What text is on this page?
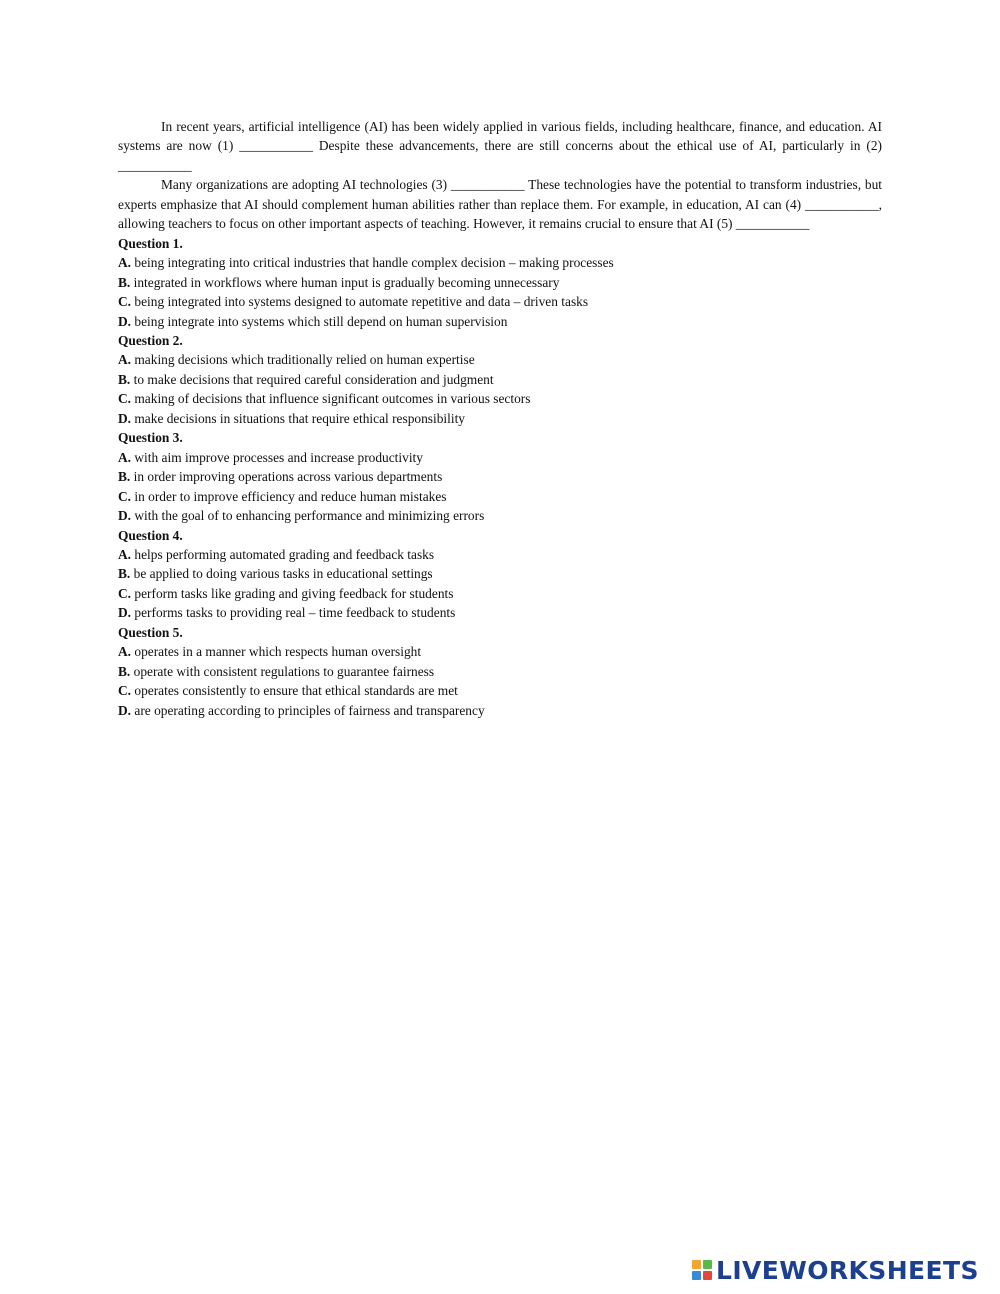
In recent years, artificial intelligence (AI) has been widely applied in various fields, including healthcare, finance, and education. AI systems are now (1) ___________ Despite these advancements, there are still concerns about the ethical use of AI, particularly in (2) ___________

Many organizations are adopting AI technologies (3) ___________ These technologies have the potential to transform industries, but experts emphasize that AI should complement human abilities rather than replace them. For example, in education, AI can (4) ___________, allowing teachers to focus on other important aspects of teaching. However, it remains crucial to ensure that AI (5) ___________

Question 1.

A. being integrating into critical industries that handle complex decision – making processes

B. integrated in workflows where human input is gradually becoming unnecessary

C. being integrated into systems designed to automate repetitive and data – driven tasks

D. being integrate into systems which still depend on human supervision

Question 2.

A. making decisions which traditionally relied on human expertise

B. to make decisions that required careful consideration and judgment

C. making of decisions that influence significant outcomes in various sectors

D. make decisions in situations that require ethical responsibility

Question 3.

A. with aim improve processes and increase productivity

B. in order improving operations across various departments

C. in order to improve efficiency and reduce human mistakes

D. with the goal of to enhancing performance and minimizing errors

Question 4.

A. helps performing automated grading and feedback tasks

B. be applied to doing various tasks in educational settings

C. perform tasks like grading and giving feedback for students

D. performs tasks to providing real – time feedback to students

Question 5.

A. operates in a manner which respects human oversight

B. operate with consistent regulations to guarantee fairness

C. operates consistently to ensure that ethical standards are met

D. are operating according to principles of fairness and transparency

LIVEWORKSHEETS
